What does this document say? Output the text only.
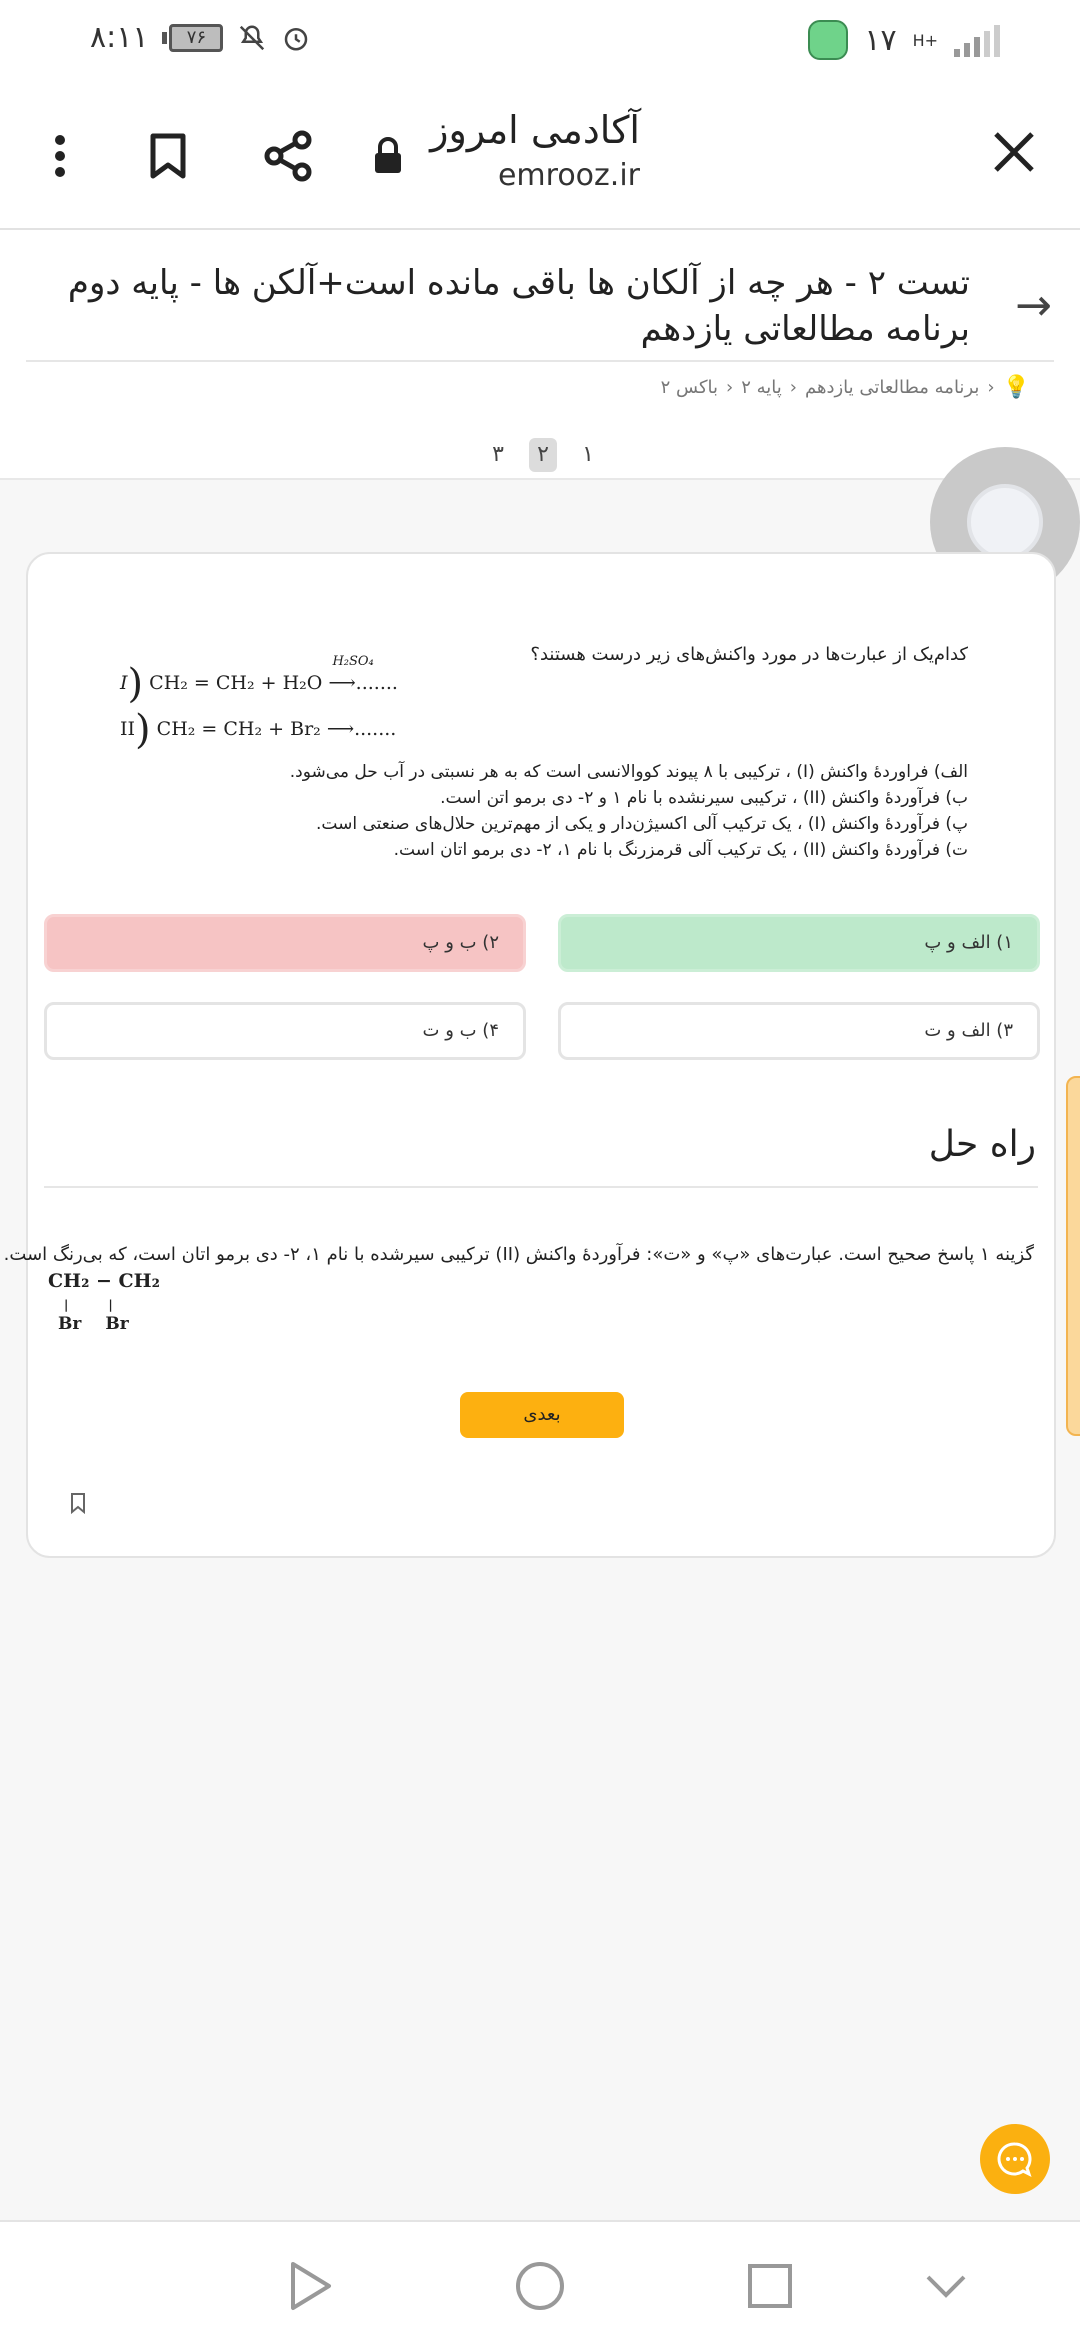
۸:۱۱	۷۶	۱۷ H+
آکادمی امروز
emrooz.ir
→
تست ۲ - هر چه از آلکان ها باقی مانده است+آلکن ها - پایه دوم برنامه مطالعاتی یازدهم
💡
‹
برنامه مطالعاتی یازدهم
‹
پایه ۲
‹
باکس ۲
۱
۲
۳
کدام‌یک از عبارت‌ها در مورد واکنش‌های زیر درست هستند؟
I) CH₂ = CH₂ + H₂O
H₂SO₄
⟶.......
II) CH₂ = CH₂ + Br₂ ⟶.......
الف) فراوردهٔ واکنش (I) ، ترکیبی با ۸ پیوند کووالانسی است که به هر نسبتی در آب حل می‌شود.
ب) فرآوردهٔ واکنش (II) ، ترکیبی سیرنشده با نام ۱ و ۲- دی برمو اتن است.
پ) فرآوردهٔ واکنش (I) ، یک ترکیب آلی اکسیژن‌دار و یکی از مهم‌ترین حلال‌های صنعتی است.
ت) فرآوردهٔ واکنش (II) ، یک ترکیب آلی قرمزرنگ با نام ۱، ۲- دی برمو اتان است.
۱) الف و پ
۲) ب و پ
۳) الف و ت
۴) ب و ت
راه حل
گزینه ۱ پاسخ صحیح است. عبارت‌های «پ» و «ت»: فرآوردهٔ واکنش (II) ترکیبی سیرشده با نام ۱، ۲- دی برمو اتان است، که بی‌رنگ است.
CH₂ − CH₂
|	|
Br Br
بعدی
